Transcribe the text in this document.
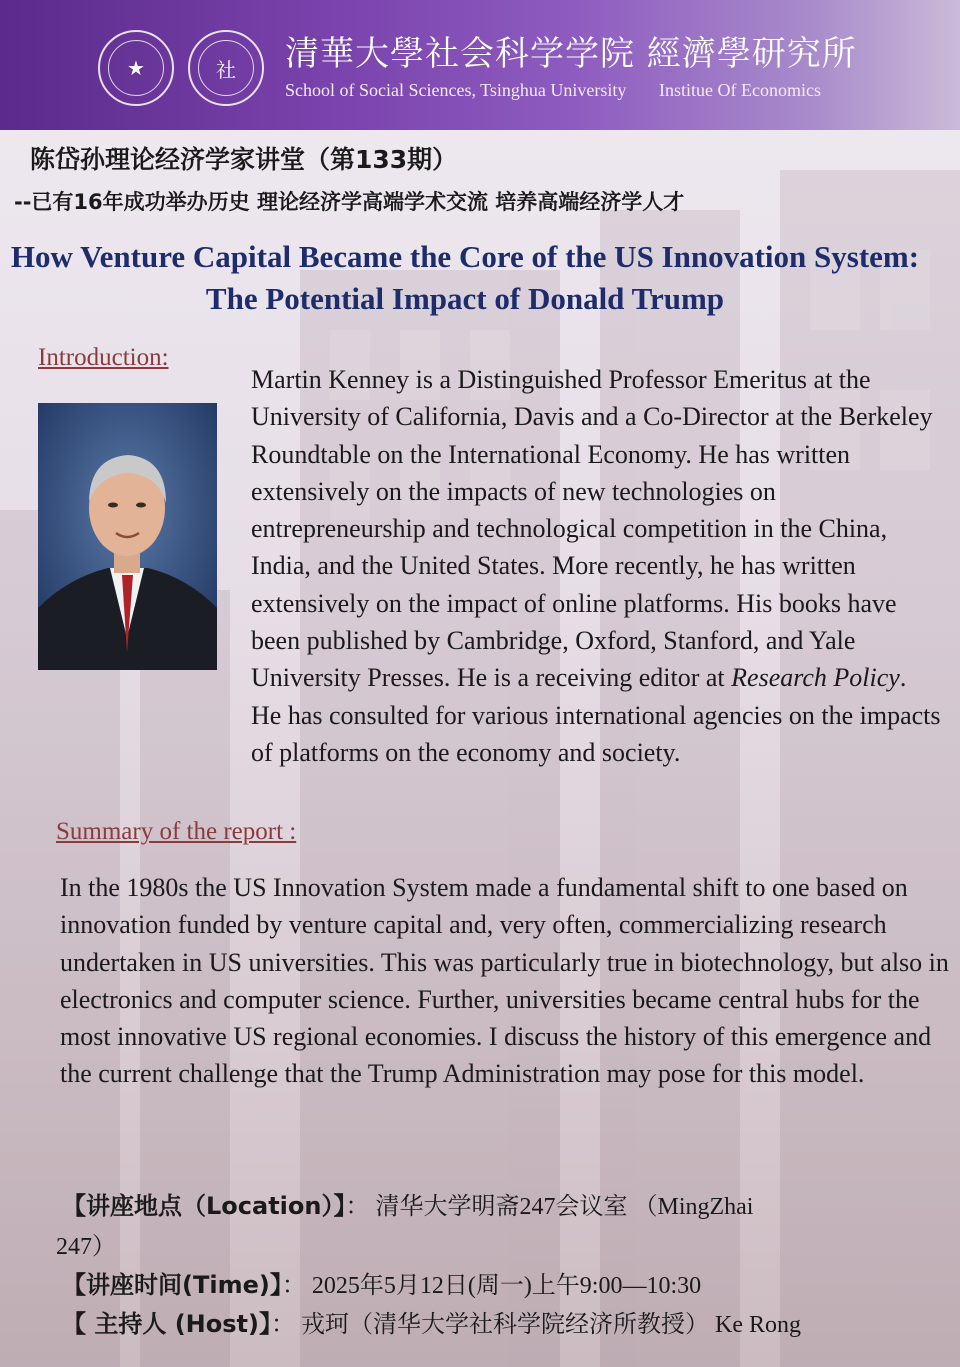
★	社	清華大學社会科学学院 經濟學研究所
School of Social Sciences, Tsinghua University Institue Of Economics
陈岱孙理论经济学家讲堂（第133期）
--已有16年成功举办历史 理论经济学高端学术交流 培养高端经济学人才
How Venture Capital Became the Core of the US Innovation System: The Potential Impact of Donald Trump
Introduction:
Martin Kenney is a Distinguished Professor Emeritus at the University of California, Davis and a Co-Director at the Berkeley Roundtable on the International Economy. He has written extensively on the impacts of new technologies on entrepreneurship and technological competition in the China, India, and the United States. More recently, he has written extensively on the impact of online platforms. His books have been published by Cambridge, Oxford, Stanford, and Yale University Presses. He is a receiving editor at Research Policy. He has consulted for various international agencies on the impacts of platforms on the economy and society.
Summary of the report :
In the 1980s the US Innovation System made a fundamental shift to one based on innovation funded by venture capital and, very often, commercializing research undertaken in US universities. This was particularly true in biotechnology, but also in electronics and computer science. Further, universities became central hubs for the most innovative US regional economies. I discuss the history of this emergence and the current challenge that the Trump Administration may pose for this model.
【讲座地点（Location）】： 清华大学明斋247会议室 （MingZhai
247）
【讲座时间(Time)】： 2025年5月12日(周一)上午9:00—10:30
【 主持人 (Host)】： 戎珂（清华大学社科学院经济所教授） Ke Rong
